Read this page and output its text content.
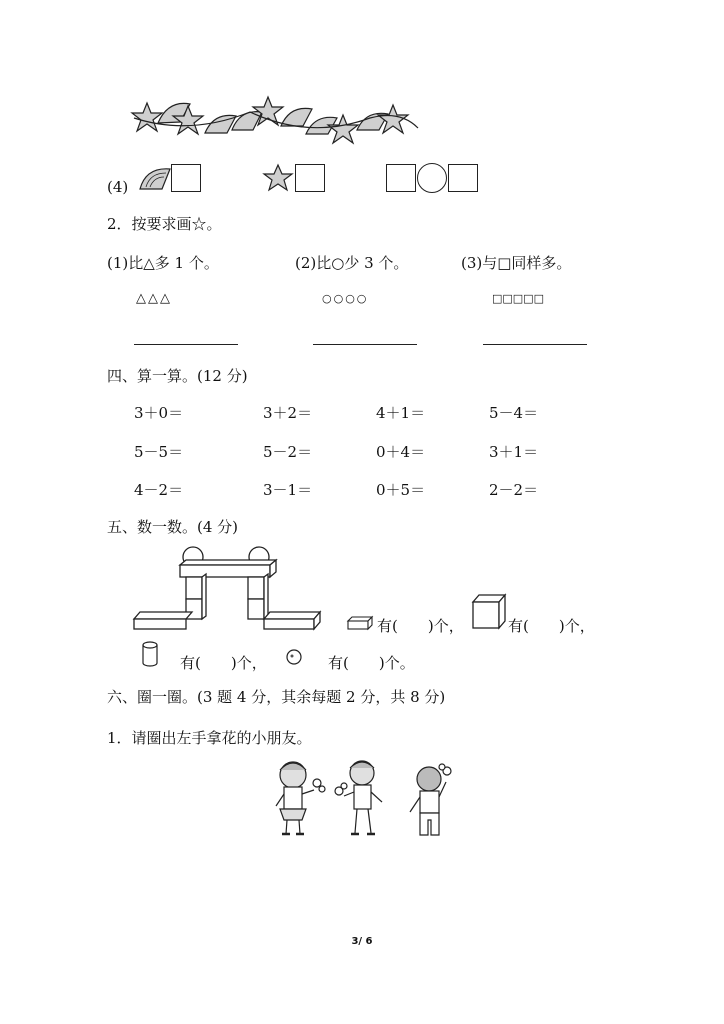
(4)
2．按要求画☆。
(1)比△多 1 个。	(2)比○少 3 个。	(3)与□同样多。
△△△	○○○○	□□□□□
四、算一算。(12 分)
3＋0＝	3＋2＝	4＋1＝	5－4＝
5－5＝	5－2＝	0＋4＝	3＋1＝
4－2＝	3－1＝	0＋5＝	2－2＝
五、数一数。(4 分)
有(　　)个，	有(　　)个，
有(　　)个，	有(　　)个。
六、圈一圈。(3 题 4 分，其余每题 2 分，共 8 分)
1．请圈出左手拿花的小朋友。
3/ 6
